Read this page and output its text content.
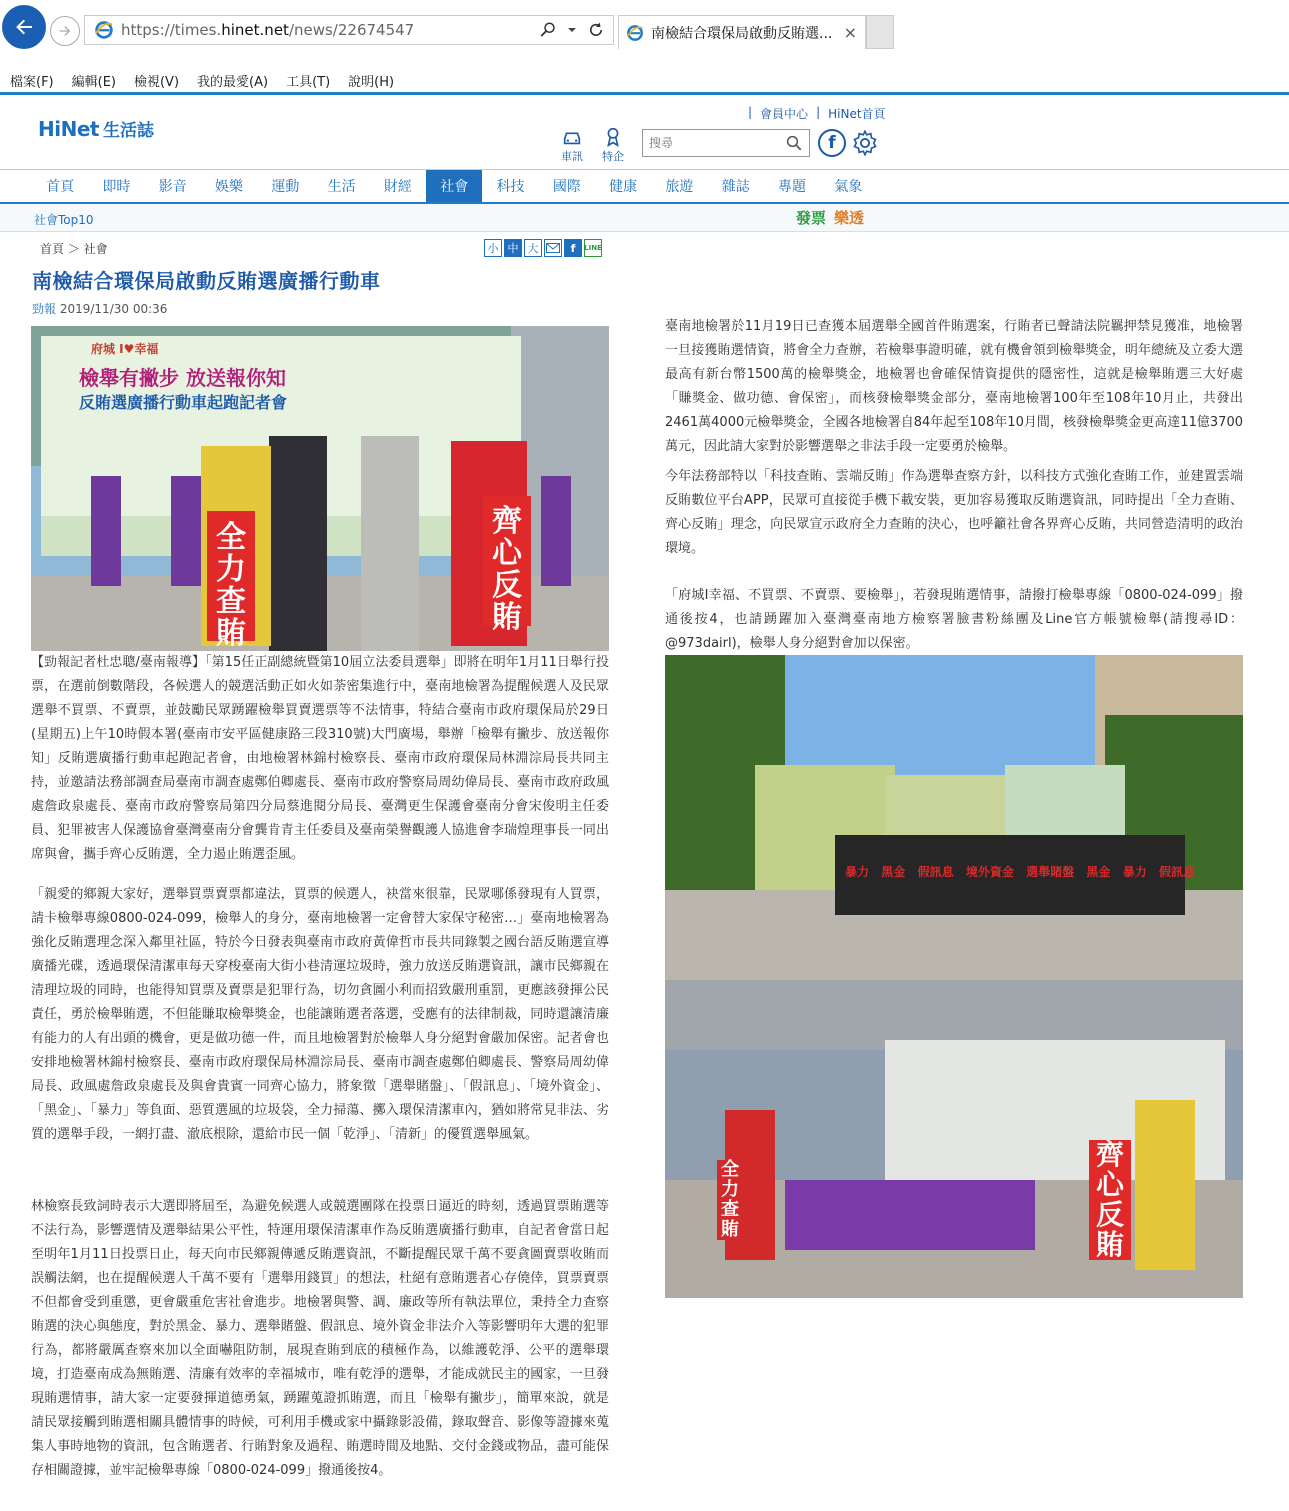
https://times.hinet.net/news/22674547	南檢結合環保局啟動反賄選... ×
檔案(F) 編輯(E) 檢視(V) 我的最愛(A) 工具(T) 說明(H)
HiNet 生活誌
| 會員中心 | HiNet首頁
車訊 特企
搜尋
f
首頁	即時	影音	娛樂	運動	生活	財經	社會	科技	國際	健康	旅遊	雜誌	專題	氣象
社會Top10	發票 樂透
首頁 ＞ 社會	小 中 大	f	LINE
南檢結合環保局啟動反賄選廣播行動車
勁報 2019/11/30 00:36
府城 I♥幸福
檢舉有撇步 放送報你知
反賄選廣播行動車起跑記者會
全力查賄
齊心反賄
【勁報記者杜忠聰/臺南報導】「第15任正副總統暨第10屆立法委員選舉」即將在明年1月11日舉行投票，在選前倒數階段，各候選人的競選活動正如火如荼密集進行中，臺南地檢署為提醒候選人及民眾選舉不買票、不賣票，並鼓勵民眾踴躍檢舉買賣選票等不法情事，特結合臺南市政府環保局於29日(星期五)上午10時假本署(臺南市安平區健康路三段310號)大門廣場，舉辦「檢舉有撇步、放送報你知」反賄選廣播行動車起跑記者會，由地檢署林錦村檢察長、臺南市政府環保局林淵淙局長共同主持，並邀請法務部調查局臺南市調查處鄭伯卿處長、臺南市政府警察局周幼偉局長、臺南市政府政風處詹政泉處長、臺南市政府警察局第四分局蔡進閱分局長、臺灣更生保護會臺南分會宋俊明主任委員、犯罪被害人保護協會臺灣臺南分會龔肯青主任委員及臺南榮譽觀護人協進會李瑞煌理事長一同出席與會，攜手齊心反賄選，全力遏止賄選歪風。
「親愛的鄉親大家好，選舉買票賣票都違法，買票的候選人，袂當來很靠，民眾哪係發現有人買票，請卡檢舉專線0800-024-099，檢舉人的身分，臺南地檢署一定會替大家保守秘密…」臺南地檢署為強化反賄選理念深入鄰里社區，特於今日發表與臺南市政府黃偉哲市長共同錄製之國台語反賄選宣導廣播光碟，透過環保清潔車每天穿梭臺南大街小巷清運垃圾時，強力放送反賄選資訊，讓市民鄉親在清理垃圾的同時，也能得知買票及賣票是犯罪行為，切勿貪圖小利而招致嚴刑重罰，更應該發揮公民責任，勇於檢舉賄選，不但能賺取檢舉獎金，也能讓賄選者落選，受應有的法律制裁，同時還讓清廉有能力的人有出頭的機會，更是做功德一件，而且地檢署對於檢舉人身分絕對會嚴加保密。記者會也安排地檢署林錦村檢察長、臺南市政府環保局林淵淙局長、臺南市調查處鄭伯卿處長、警察局周幼偉局長、政風處詹政泉處長及與會貴賓一同齊心協力，將象徵「選舉賭盤」、「假訊息」、「境外資金」、「黑金」、「暴力」等負面、惡質選風的垃圾袋，全力掃蕩、擲入環保清潔車內，猶如將常見非法、劣質的選舉手段，一網打盡、澈底根除，還給市民一個「乾淨」、「清新」的優質選舉風氣。
林檢察長致詞時表示大選即將屆至，為避免候選人或競選團隊在投票日逼近的時刻，透過買票賄選等不法行為，影響選情及選舉結果公平性，特運用環保清潔車作為反賄選廣播行動車，自記者會當日起至明年1月11日投票日止，每天向市民鄉親傳遞反賄選資訊，不斷提醒民眾千萬不要貪圖賣票收賄而誤觸法網，也在提醒候選人千萬不要有「選舉用錢買」的想法，杜絕有意賄選者心存僥倖，買票賣票不但都會受到重懲，更會嚴重危害社會進步。地檢署與警、調、廉政等所有執法單位，秉持全力查察賄選的決心與態度，對於黑金、暴力、選舉賭盤、假訊息、境外資金非法介入等影響明年大選的犯罪行為，都將嚴厲查察來加以全面嚇阻防制，展現查賄到底的積極作為，以維護乾淨、公平的選舉環境，打造臺南成為無賄選、清廉有效率的幸福城市，唯有乾淨的選舉，才能成就民主的國家，一旦發現賄選情事，請大家一定要發揮道德勇氣，踴躍蒐證抓賄選，而且「檢舉有撇步」，簡單來說，就是請民眾接觸到賄選相關具體情事的時候，可利用手機或家中攝錄影設備，錄取聲音、影像等證據來蒐集人事時地物的資訊，包含賄選者、行賄對象及過程、賄選時間及地點、交付金錢或物品，盡可能保存相關證據，並牢記檢舉專線「0800-024-099」撥通後按4。
臺南地檢署於11月19日已查獲本屆選舉全國首件賄選案，行賄者已聲請法院羈押禁見獲准，地檢署一旦接獲賄選情資，將會全力查辦，若檢舉事證明確，就有機會領到檢舉獎金，明年總統及立委大選最高有新台幣1500萬的檢舉獎金，地檢署也會確保情資提供的隱密性，這就是檢舉賄選三大好處「賺獎金、做功德、會保密」，而核發檢舉獎金部分，臺南地檢署100年至108年10月止，共發出2461萬4000元檢舉獎金，全國各地檢署自84年起至108年10月間，核發檢舉獎金更高達11億3700萬元，因此請大家對於影響選舉之非法手段一定要勇於檢舉。
今年法務部特以「科技查賄、雲端反賄」作為選舉查察方針，以科技方式強化查賄工作，並建置雲端反賄數位平台APP，民眾可直接從手機下載安裝，更加容易獲取反賄選資訊，同時提出「全力查賄、齊心反賄」理念，向民眾宣示政府全力查賄的決心，也呼籲社會各界齊心反賄，共同營造清明的政治環境。
「府城I幸福、不買票、不賣票、要檢舉」，若發現賄選情事，請撥打檢舉專線「0800-024-099」撥通後按4，也請踴躍加入臺灣臺南地方檢察署臉書粉絲團及Line官方帳號檢舉(請搜尋ID：@973dairl)，檢舉人身分絕對會加以保密。
暴力 黑金 假訊息 境外資金 選舉賭盤 黑金 暴力 假訊息
全力查賄
齊心反賄
